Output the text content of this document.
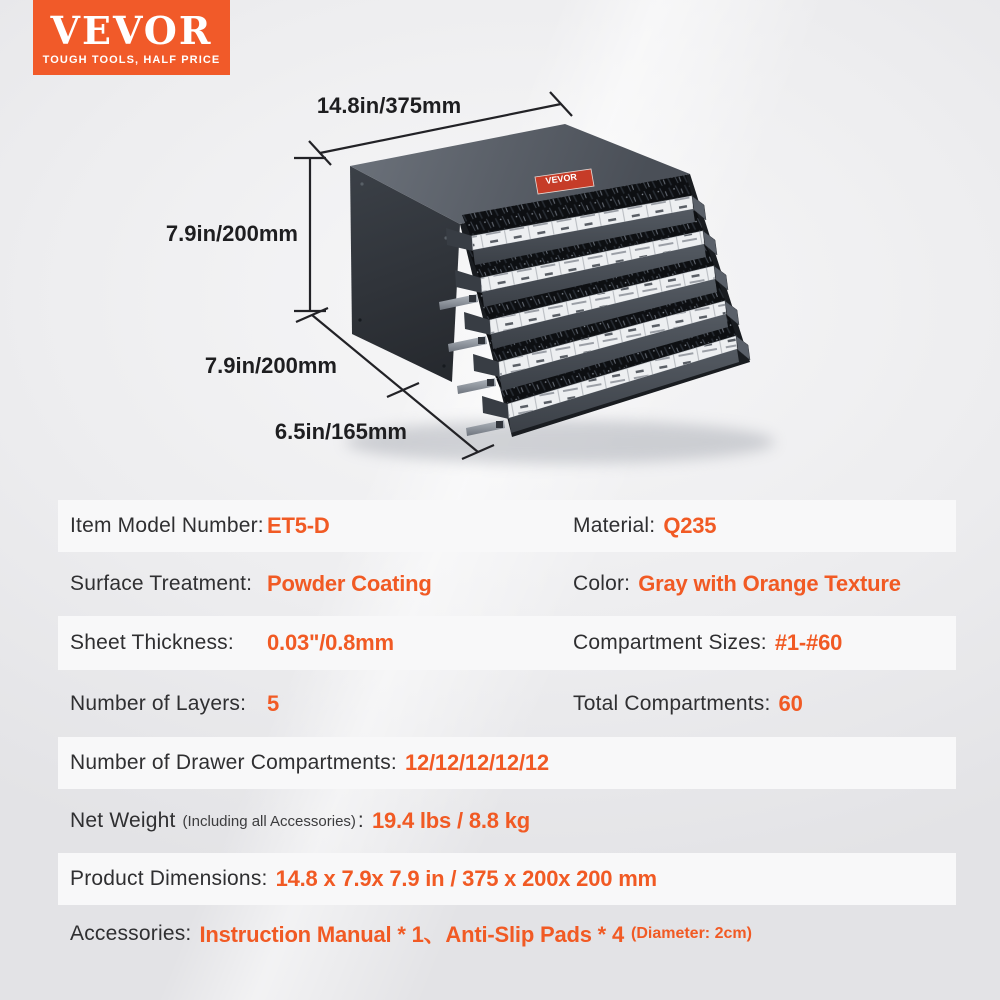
VEVOR
TOUGH TOOLS, HALF PRICE
VEVOR
14.8in/375mm
7.9in/200mm
7.9in/200mm
6.5in/165mm
Item Model Number: ET5-D	Material: Q235
Surface Treatment: Powder Coating	Color: Gray with Orange Texture
Sheet Thickness:	0.03"/0.8mm	Compartment Sizes: #1-#60
Number of Layers: 5	Total Compartments: 60
Number of Drawer Compartments: 12/12/12/12/12
Net Weight (Including all Accessories) : 19.4 lbs / 8.8 kg
Product Dimensions: 14.8 x 7.9x 7.9 in / 375 x 200x 200 mm
Accessories: Instruction Manual * 1、Anti-Slip Pads * 4 (Diameter: 2cm)
